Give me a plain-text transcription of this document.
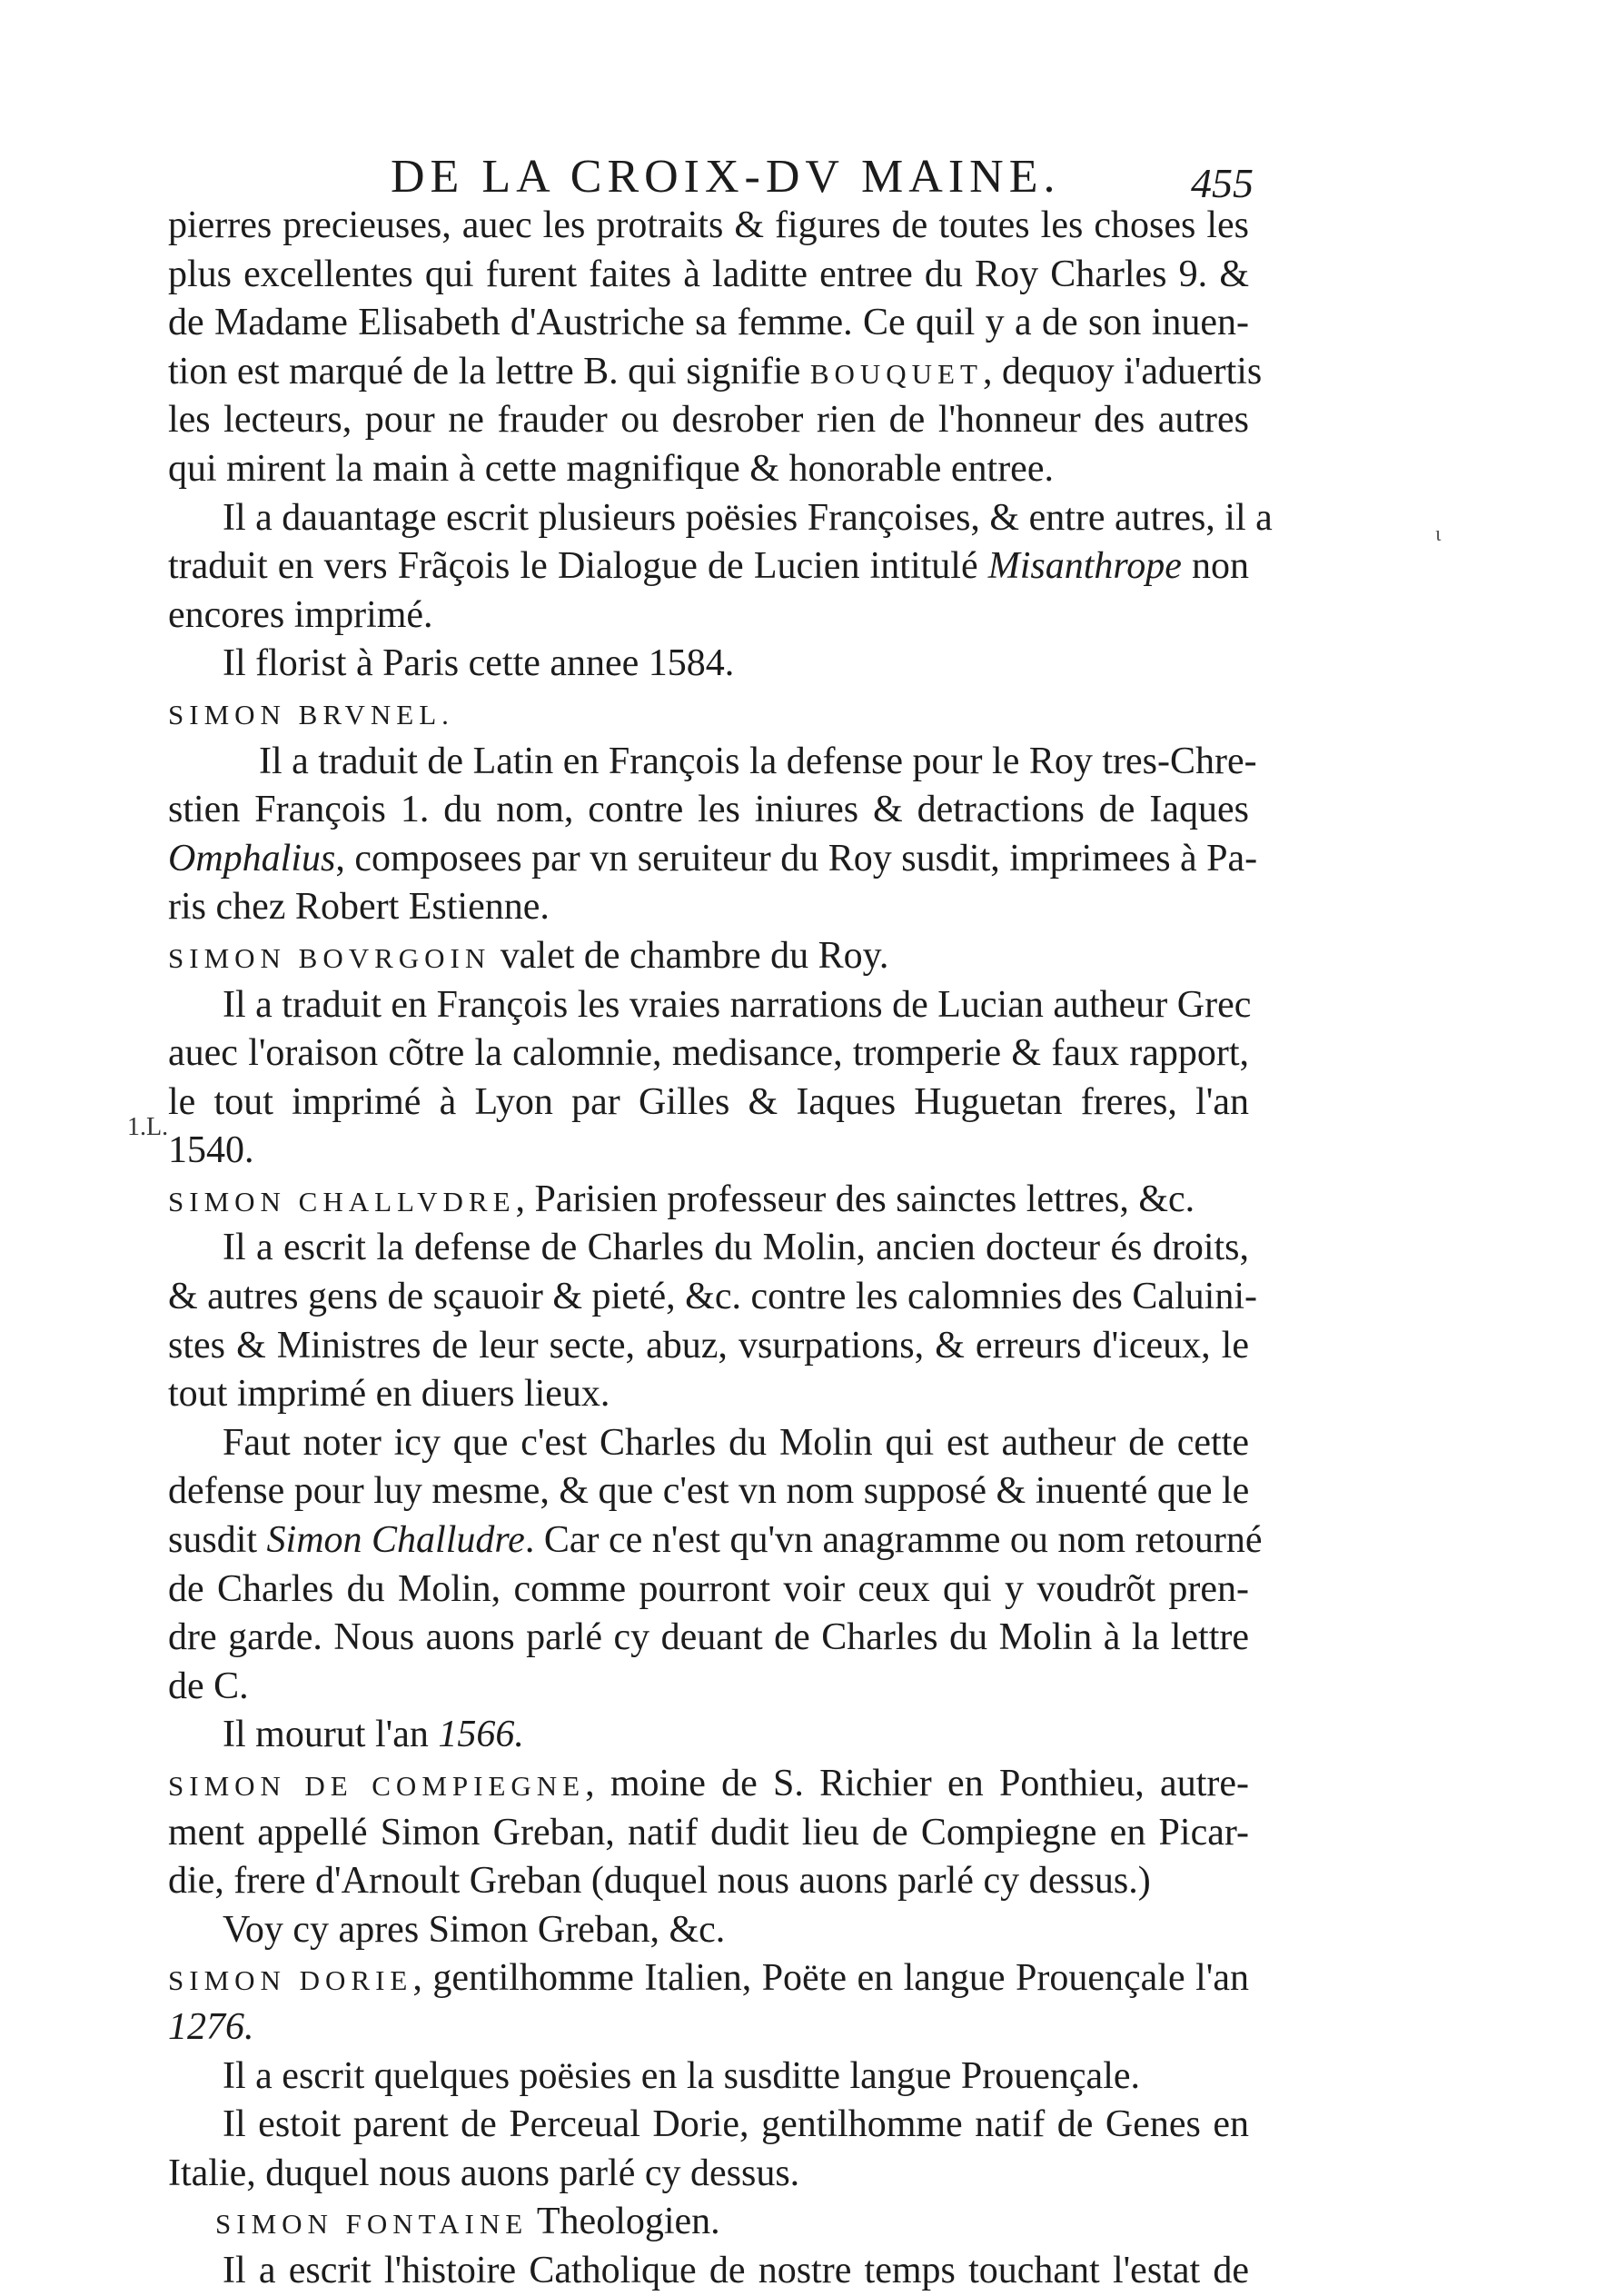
DE LA CROIX-DV MAINE.	455
1.L.
ι
pierres precieuses, auec les protraits & figures de toutes les choses les
plus excellentes qui furent faites à laditte entree du Roy Charles 9. &
de Madame Elisabeth d'Austriche sa femme. Ce quil y a de son inuen-
tion est marqué de la lettre B. qui signifie BOUQUET, dequoy i'aduertis
les lecteurs, pour ne frauder ou desrober rien de l'honneur des autres
qui mirent la main à cette magnifique & honorable entree.
Il a dauantage escrit plusieurs poësies Françoises, & entre autres, il a
traduit en vers Frãçois le Dialogue de Lucien intitulé Misanthrope non
encores imprimé.
Il florist à Paris cette annee 1584.
SIMON BRVNEL.
Il a traduit de Latin en François la defense pour le Roy tres-Chre-
stien François 1. du nom, contre les iniures & detractions de Iaques
Omphalius, composees par vn seruiteur du Roy susdit, imprimees à Pa-
ris chez Robert Estienne.
SIMON BOVRGOIN valet de chambre du Roy.
Il a traduit en François les vraies narrations de Lucian autheur Grec
auec l'oraison cõtre la calomnie, medisance, tromperie & faux rapport,
le tout imprimé à Lyon par Gilles & Iaques Huguetan freres, l'an
1540.
SIMON CHALLVDRE, Parisien professeur des sainctes lettres, &c.
Il a escrit la defense de Charles du Molin, ancien docteur és droits,
& autres gens de sçauoir & pieté, &c. contre les calomnies des Caluini-
stes & Ministres de leur secte, abuz, vsurpations, & erreurs d'iceux, le
tout imprimé en diuers lieux.
Faut noter icy que c'est Charles du Molin qui est autheur de cette
defense pour luy mesme, & que c'est vn nom supposé & inuenté que le
susdit Simon Challudre. Car ce n'est qu'vn anagramme ou nom retourné
de Charles du Molin, comme pourront voir ceux qui y voudrõt pren-
dre garde. Nous auons parlé cy deuant de Charles du Molin à la lettre
de C.
Il mourut l'an 1566.
SIMON DE COMPIEGNE, moine de S. Richier en Ponthieu, autre-
ment appellé Simon Greban, natif dudit lieu de Compiegne en Picar-
die, frere d'Arnoult Greban (duquel nous auons parlé cy dessus.)
Voy cy apres Simon Greban, &c.
SIMON DORIE, gentilhomme Italien, Poëte en langue Prouençale l'an
1276.
Il a escrit quelques poësies en la susditte langue Prouençale.
Il estoit parent de Perceual Dorie, gentilhomme natif de Genes en
Italie, duquel nous auons parlé cy dessus.
SIMON FONTAINE Theologien.
Il a escrit l'histoire Catholique de nostre temps touchant l'estat de
